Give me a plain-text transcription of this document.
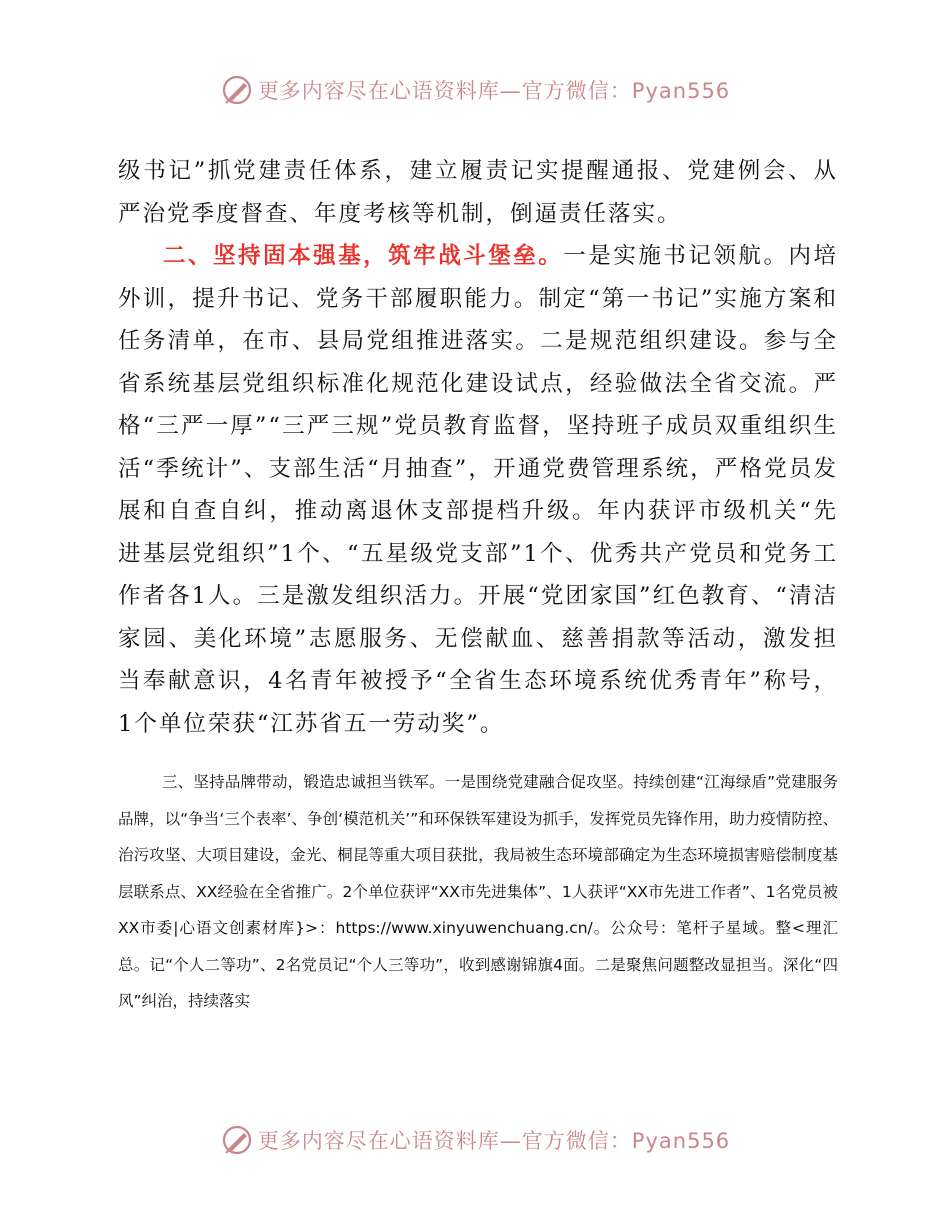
更多内容尽在心语资料库—官方微信：Pyan556

级书记”抓党建责任体系，建立履责记实提醒通报、党建例会、从严治党季度督查、年度考核等机制，倒逼责任落实。

二、坚持固本强基，筑牢战斗堡垒。一是实施书记领航。内培外训，提升书记、党务干部履职能力。制定“第一书记”实施方案和任务清单，在市、县局党组推进落实。二是规范组织建设。参与全省系统基层党组织标准化规范化建设试点，经验做法全省交流。严格“三严一厚”“三严三规”党员教育监督，坚持班子成员双重组织生活“季统计”、支部生活“月抽查”，开通党费管理系统，严格党员发展和自查自纠，推动离退休支部提档升级。年内获评市级机关“先进基层党组织”1个、“五星级党支部”1个、优秀共产党员和党务工作者各1人。三是激发组织活力。开展“党团家国”红色教育、“清洁家园、美化环境”志愿服务、无偿献血、慈善捐款等活动，激发担当奉献意识，4名青年被授予“全省生态环境系统优秀青年”称号，1个单位荣获“江苏省五一劳动奖”。

三、坚持品牌带动，锻造忠诚担当铁军。一是围绕党建融合促攻坚。持续创建“江海绿盾”党建服务品牌，以“争当‘三个表率’、争创‘模范机关’”和环保铁军建设为抓手，发挥党员先锋作用，助力疫情防控、治污攻坚、大项目建设，金光、桐昆等重大项目获批，我局被生态环境部确定为生态环境损害赔偿制度基层联系点、XX经验在全省推广。2个单位获评“XX市先进集体”、1人获评“XX市先进工作者”、1名党员被XX市委|心语文创素材库}>：https://www.xinyuwenchuang.cn/。公众号：笔杆子星域。整<理汇总。记“个人二等功”、2名党员记“个人三等功”，收到感谢锦旗4面。二是聚焦问题整改显担当。深化“四风”纠治，持续落实

更多内容尽在心语资料库—官方微信：Pyan556
